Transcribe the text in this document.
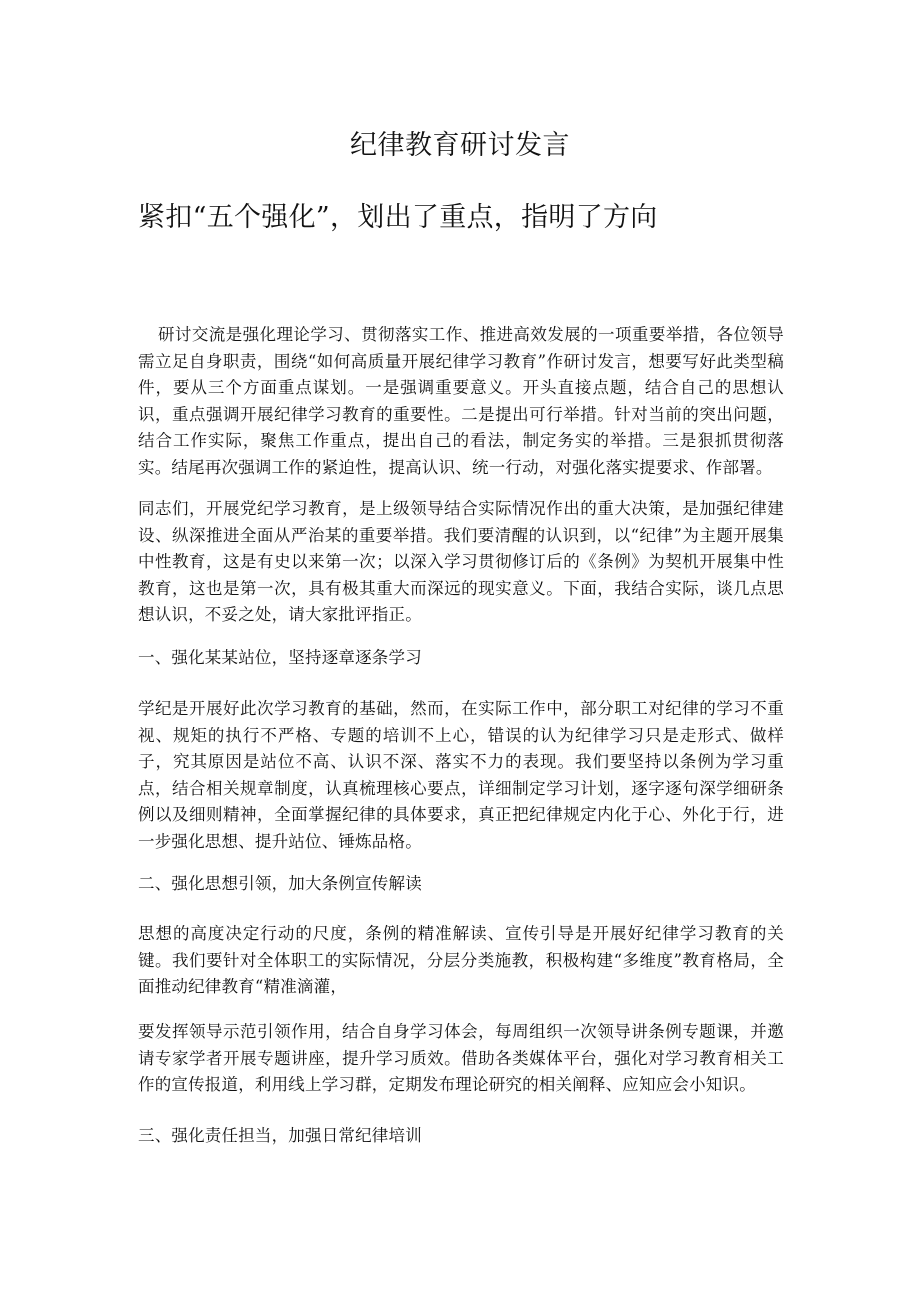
纪律教育研讨发言
紧扣“五个强化”，划出了重点，指明了方向

研讨交流是强化理论学习、贯彻落实工作、推进高效发展的一项重要举措，各位领导需立足自身职责，围绕“如何高质量开展纪律学习教育”作研讨发言，想要写好此类型稿件，要从三个方面重点谋划。一是强调重要意义。开头直接点题，结合自己的思想认识，重点强调开展纪律学习教育的重要性。二是提出可行举措。针对当前的突出问题，结合工作实际，聚焦工作重点，提出自己的看法，制定务实的举措。三是狠抓贯彻落实。结尾再次强调工作的紧迫性，提高认识、统一行动，对强化落实提要求、作部署。

同志们，开展党纪学习教育，是上级领导结合实际情况作出的重大决策，是加强纪律建设、纵深推进全面从严治某的重要举措。我们要清醒的认识到，以“纪律”为主题开展集中性教育，这是有史以来第一次；以深入学习贯彻修订后的《条例》为契机开展集中性教育，这也是第一次，具有极其重大而深远的现实意义。下面，我结合实际，谈几点思想认识，不妥之处，请大家批评指正。

一、强化某某站位，坚持逐章逐条学习

学纪是开展好此次学习教育的基础，然而，在实际工作中，部分职工对纪律的学习不重视、规矩的执行不严格、专题的培训不上心，错误的认为纪律学习只是走形式、做样子，究其原因是站位不高、认识不深、落实不力的表现。我们要坚持以条例为学习重点，结合相关规章制度，认真梳理核心要点，详细制定学习计划，逐字逐句深学细研条例以及细则精神，全面掌握纪律的具体要求，真正把纪律规定内化于心、外化于行，进一步强化思想、提升站位、锤炼品格。

二、强化思想引领，加大条例宣传解读

思想的高度决定行动的尺度，条例的精准解读、宣传引导是开展好纪律学习教育的关键。我们要针对全体职工的实际情况，分层分类施教，积极构建“多维度”教育格局，全面推动纪律教育“精准滴灌，

要发挥领导示范引领作用，结合自身学习体会，每周组织一次领导讲条例专题课，并邀请专家学者开展专题讲座，提升学习质效。借助各类媒体平台，强化对学习教育相关工作的宣传报道，利用线上学习群，定期发布理论研究的相关阐释、应知应会小知识。

三、强化责任担当，加强日常纪律培训
